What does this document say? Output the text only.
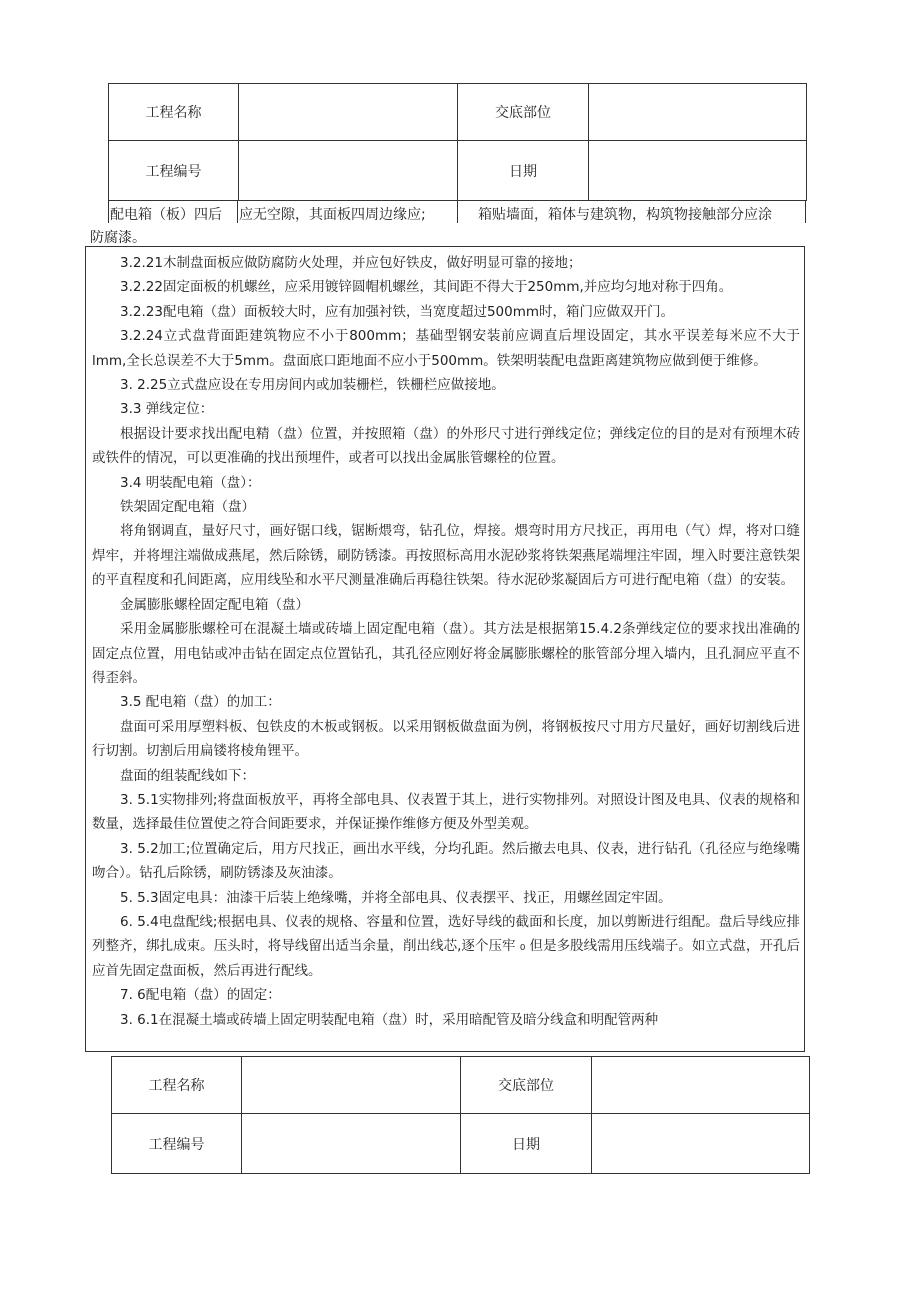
工程名称		交底部位	
工程编号		日期	
配电箱（板）四后 应无空隙，其面板四周边缘应;	箱贴墙面，箱体与建筑物，构筑物接触部分应涂
防腐漆。

3.2.21木制盘面板应做防腐防火处理，并应包好铁皮，做好明显可靠的接地；

3.2.22固定面板的机螺丝，应采用镀锌圆帽机螺丝，其间距不得大于250mm,并应均匀地对称于四角。

3.2.23配电箱（盘）面板较大时，应有加强衬铁，当宽度超过500mm时，箱门应做双开门。

3.2.24立式盘背面距建筑物应不小于800mm；基础型钢安装前应调直后埋设固定，其水平误差每米应不大于lmm,全长总误差不大于5mm。盘面底口距地面不应小于500mm。铁架明装配电盘距离建筑物应做到便于维修。

3. 2.25立式盘应设在专用房间内或加装栅栏，铁栅栏应做接地。

3.3 弹线定位：

根据设计要求找出配电精（盘）位置，并按照箱（盘）的外形尺寸进行弹线定位；弹线定位的目的是对有预埋木砖或铁件的情况，可以更准确的找出预埋件，或者可以找出金属胀管螺栓的位置。

3.4 明装配电箱（盘）：

铁架固定配电箱（盘）

将角钢调直，量好尺寸，画好锯口线，锯断煨弯，钻孔位，焊接。煨弯时用方尺找正，再用电（气）焊，将对口缝焊牢，并将埋注端做成燕尾，然后除锈，刷防锈漆。再按照标高用水泥砂浆将铁架燕尾端埋注牢固，埋入时要注意铁架的平直程度和孔间距离，应用线坠和水平尺测量准确后再稳往铁架。待水泥砂浆凝固后方可进行配电箱（盘）的安装。

金属膨胀螺栓固定配电箱（盘）

采用金属膨胀螺栓可在混凝土墙或砖墙上固定配电箱（盘）。其方法是根据第15.4.2条弹线定位的要求找出准确的固定点位置，用电钻或冲击钻在固定点位置钻孔，其孔径应刚好将金属膨胀螺栓的胀管部分埋入墙内，且孔洞应平直不得歪斜。

3.5 配电箱（盘）的加工：

盘面可采用厚塑料板、包铁皮的木板或钢板。以采用钢板做盘面为例，将钢板按尺寸用方尺量好，画好切割线后进行切割。切割后用扁镂将棱角锂平。

盘面的组装配线如下：

3. 5.1实物排列;将盘面板放平，再将全部电具、仪表置于其上，进行实物排列。对照设计图及电具、仪表的规格和数量，选择最佳位置使之符合间距要求，并保证操作维修方便及外型美观。

3. 5.2加工;位置确定后，用方尺找正，画出水平线，分均孔距。然后撤去电具、仪表，进行钻孔（孔径应与绝缘嘴吻合）。钻孔后除锈，刷防锈漆及灰油漆。

5. 5.3固定电具：油漆干后装上绝缘嘴，并将全部电具、仪表摆平、找正，用螺丝固定牢固。

6. 5.4电盘配线;根据电具、仪表的规格、容量和位置，选好导线的截面和长度，加以剪断进行组配。盘后导线应排列整齐，绑扎成束。压头时，将导线留出适当余量，削出线芯,逐个压牢 ₀ 但是多股线需用压线端子。如立式盘，开孔后应首先固定盘面板，然后再进行配线。

7. 6配电箱（盘）的固定：

3. 6.1在混凝土墙或砖墙上固定明装配电箱（盘）时，采用暗配管及暗分线盒和明配管两种

工程名称		交底部位	
工程编号		日期	
